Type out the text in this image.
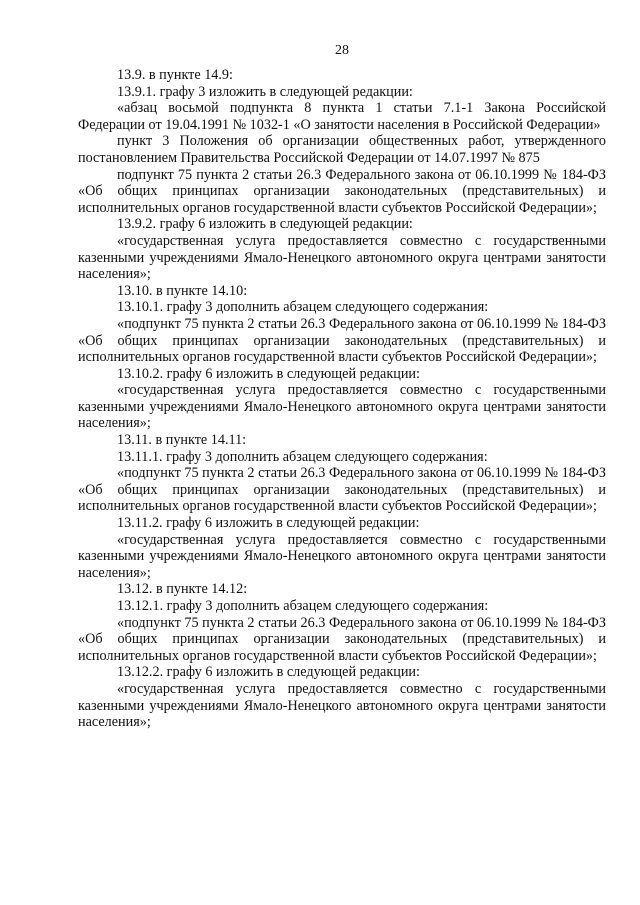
28

13.9. в пункте 14.9:

13.9.1. графу 3 изложить в следующей редакции:

«абзац восьмой подпункта 8 пункта 1 статьи 7.1-1 Закона Российской Федерации от 19.04.1991 № 1032-1 «О занятости населения в Российской Федерации»

пункт 3 Положения об организации общественных работ, утвержденного постановлением Правительства Российской Федерации от 14.07.1997 № 875

подпункт 75 пункта 2 статьи 26.3 Федерального закона от 06.10.1999 № 184-ФЗ «Об общих принципах организации законодательных (представительных) и исполнительных органов государственной власти субъектов Российской Федерации»;

13.9.2. графу 6 изложить в следующей редакции:

«государственная услуга предоставляется совместно с государственными казенными учреждениями Ямало-Ненецкого автономного округа центрами занятости населения»;

13.10. в пункте 14.10:

13.10.1. графу 3 дополнить абзацем следующего содержания:

«подпункт 75 пункта 2 статьи 26.3 Федерального закона от 06.10.1999 № 184-ФЗ «Об общих принципах организации законодательных (представительных) и исполнительных органов государственной власти субъектов Российской Федерации»;

13.10.2. графу 6 изложить в следующей редакции:

«государственная услуга предоставляется совместно с государственными казенными учреждениями Ямало-Ненецкого автономного округа центрами занятости населения»;

13.11. в пункте 14.11:

13.11.1. графу 3 дополнить абзацем следующего содержания:

«подпункт 75 пункта 2 статьи 26.3 Федерального закона от 06.10.1999 № 184-ФЗ «Об общих принципах организации законодательных (представительных) и исполнительных органов государственной власти субъектов Российской Федерации»;

13.11.2. графу 6 изложить в следующей редакции:

«государственная услуга предоставляется совместно с государственными казенными учреждениями Ямало-Ненецкого автономного округа центрами занятости населения»;

13.12. в пункте 14.12:

13.12.1. графу 3 дополнить абзацем следующего содержания:

«подпункт 75 пункта 2 статьи 26.3 Федерального закона от 06.10.1999 № 184-ФЗ «Об общих принципах организации законодательных (представительных) и исполнительных органов государственной власти субъектов Российской Федерации»;

13.12.2. графу 6 изложить в следующей редакции:

«государственная услуга предоставляется совместно с государственными казенными учреждениями Ямало-Ненецкого автономного округа центрами занятости населения»;
